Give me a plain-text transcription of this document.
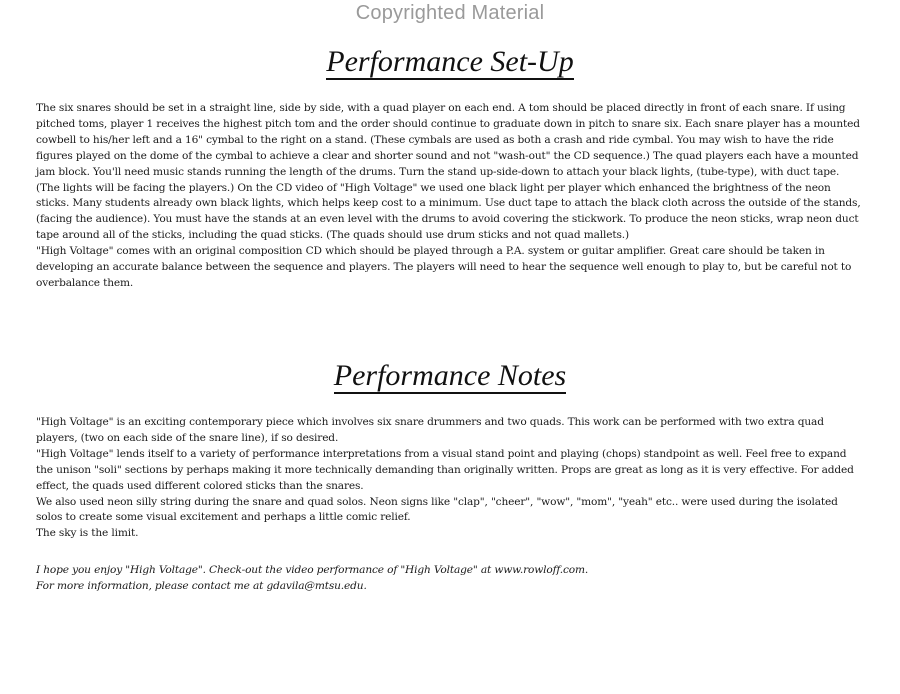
Copyrighted Material
Performance Set-Up

The six snares should be set in a straight line, side by side, with a quad player on each end. A tom should be placed directly in front of each snare. If using pitched toms, player 1 receives the highest pitch tom and the order should continue to graduate down in pitch to snare six. Each snare player has a mounted cowbell to his/her left and a 16" cymbal to the right on a stand. (These cymbals are used as both a crash and ride cymbal. You may wish to have the ride figures played on the dome of the cymbal to achieve a clear and shorter sound and not "wash-out" the CD sequence.) The quad players each have a mounted jam block. You'll need music stands running the length of the drums. Turn the stand up-side-down to attach your black lights, (tube-type), with duct tape. (The lights will be facing the players.) On the CD video of "High Voltage" we used one black light per player which enhanced the brightness of the neon sticks. Many students already own black lights, which helps keep cost to a minimum. Use duct tape to attach the black cloth across the outside of the stands, (facing the audience). You must have the stands at an even level with the drums to avoid covering the stickwork. To produce the neon sticks, wrap neon duct tape around all of the sticks, including the quad sticks. (The quads should use drum sticks and not quad mallets.)

"High Voltage" comes with an original composition CD which should be played through a P.A. system or guitar amplifier. Great care should be taken in developing an accurate balance between the sequence and players. The players will need to hear the sequence well enough to play to, but be careful not to overbalance them.

Performance Notes

"High Voltage" is an exciting contemporary piece which involves six snare drummers and two quads. This work can be performed with two extra quad players, (two on each side of the snare line), if so desired.

"High Voltage" lends itself to a variety of performance interpretations from a visual stand point and playing (chops) standpoint as well. Feel free to expand the unison "soli" sections by perhaps making it more technically demanding than originally written. Props are great as long as it is very effective. For added effect, the quads used different colored sticks than the snares.

We also used neon silly string during the snare and quad solos. Neon signs like "clap", "cheer", "wow", "mom", "yeah" etc.. were used during the isolated solos to create some visual excitement and perhaps a little comic relief.

The sky is the limit.

I hope you enjoy "High Voltage". Check-out the video performance of "High Voltage" at www.rowloff.com.

For more information, please contact me at gdavila@mtsu.edu.
